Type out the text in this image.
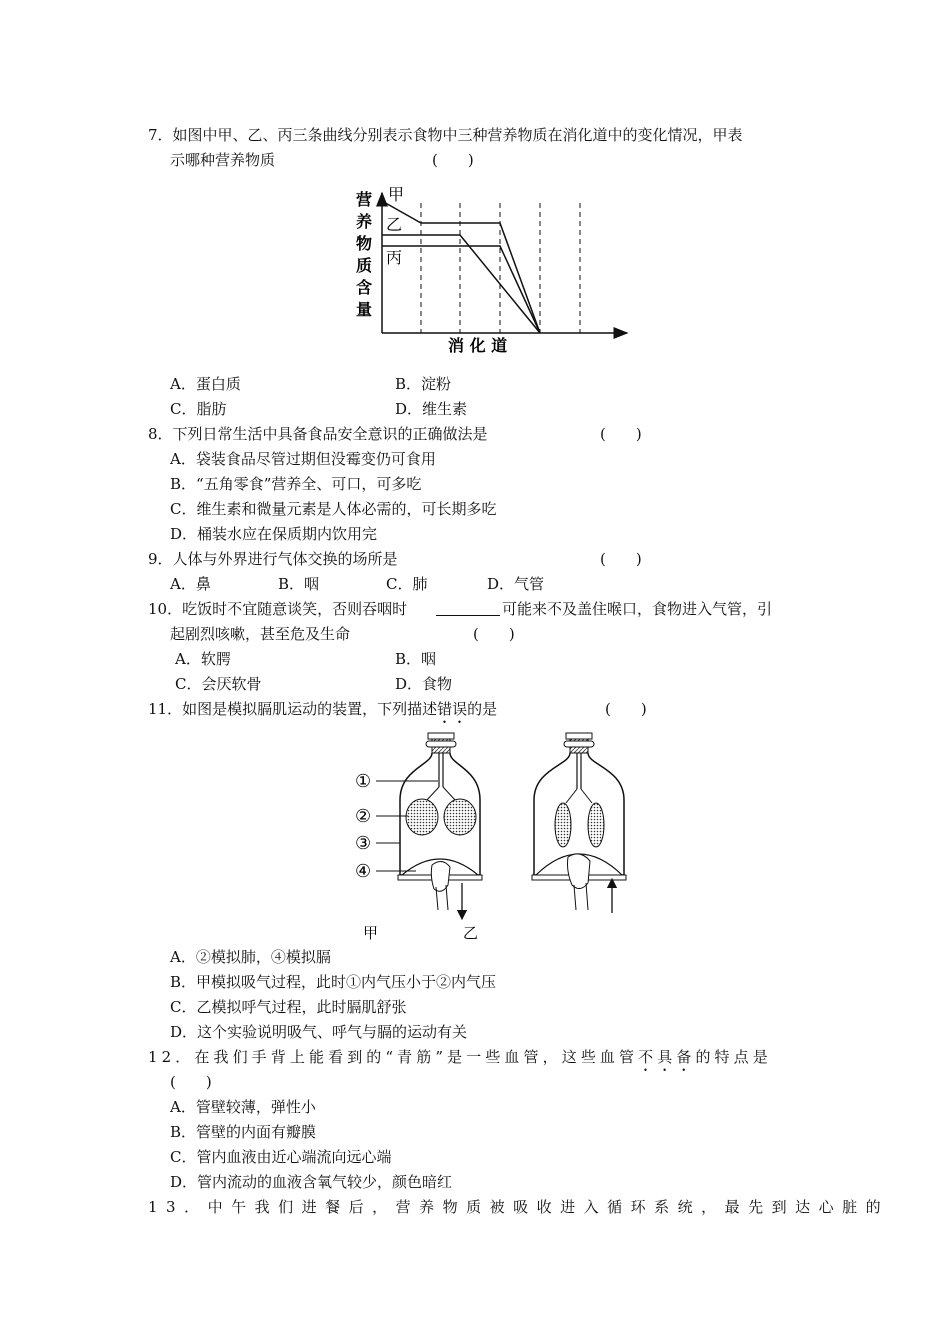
7．如图中甲、乙、丙三条曲线分别表示食物中三种营养物质在消化道中的变化情况，甲表
示哪种营养物质	(　　)
营
养
物
质
含
量
甲
乙
丙
消 化 道
A．蛋白质	B．淀粉
C．脂肪	D．维生素
8．下列日常生活中具备食品安全意识的正确做法是	(　　)
A．袋装食品尽管过期但没霉变仍可食用
B．“五角零食”营养全、可口，可多吃
C．维生素和微量元素是人体必需的，可长期多吃
D．桶装水应在保质期内饮用完
9．人体与外界进行气体交换的场所是	(　　)
A．鼻	B．咽	C．肺	D．气管
10．吃饭时不宜随意谈笑，否则吞咽时	可能来不及盖住喉口，食物进入气管，引
起剧烈咳嗽，甚至危及生命	(　　)
A．软腭	B．咽
C．会厌软骨	D．食物
11．如图是模拟膈肌运动的装置，下列描述错误的是	(　　)
①
②
③
④
甲	乙
A．②模拟肺，④模拟膈
B．甲模拟吸气过程，此时①内气压小于②内气压
C．乙模拟呼气过程，此时膈肌舒张
D．这个实验说明吸气、呼气与膈的运动有关
12．在我们手背上能看到的“青筋”是一些血管，这些血管不具备的特点是
(　　)
A．管壁较薄，弹性小
B．管壁的内面有瓣膜
C．管内血液由近心端流向远心端
D．管内流动的血液含氧气较少，颜色暗红
13．中午我们进餐后，营养物质被吸收进入循环系统，最先到达心脏的
